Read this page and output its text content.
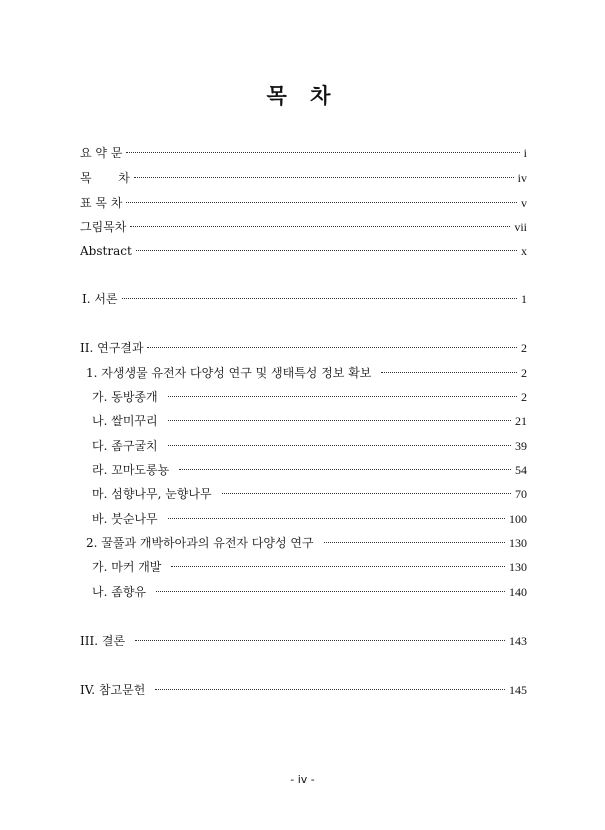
목 차
요 약 문	i
목       차	iv
표 목 차	v
그림목차	vii
Abstract	x
Ⅰ. 서론	1
II. 연구결과	2
1. 자생생물 유전자 다양성 연구 및 생태특성 정보 확보	2
가. 동방종개	2
나. 쌀미꾸리	21
다. 좀구굴치	39
라. 꼬마도롱뇽	54
마. 섬향나무, 눈향나무	70
바. 붓순나무	100
2. 꿀풀과 개박하아과의 유전자 다양성 연구	130
가. 마커 개발	130
나. 좀향유	140
III. 결론	143
IV. 참고문헌	145
- iv -
